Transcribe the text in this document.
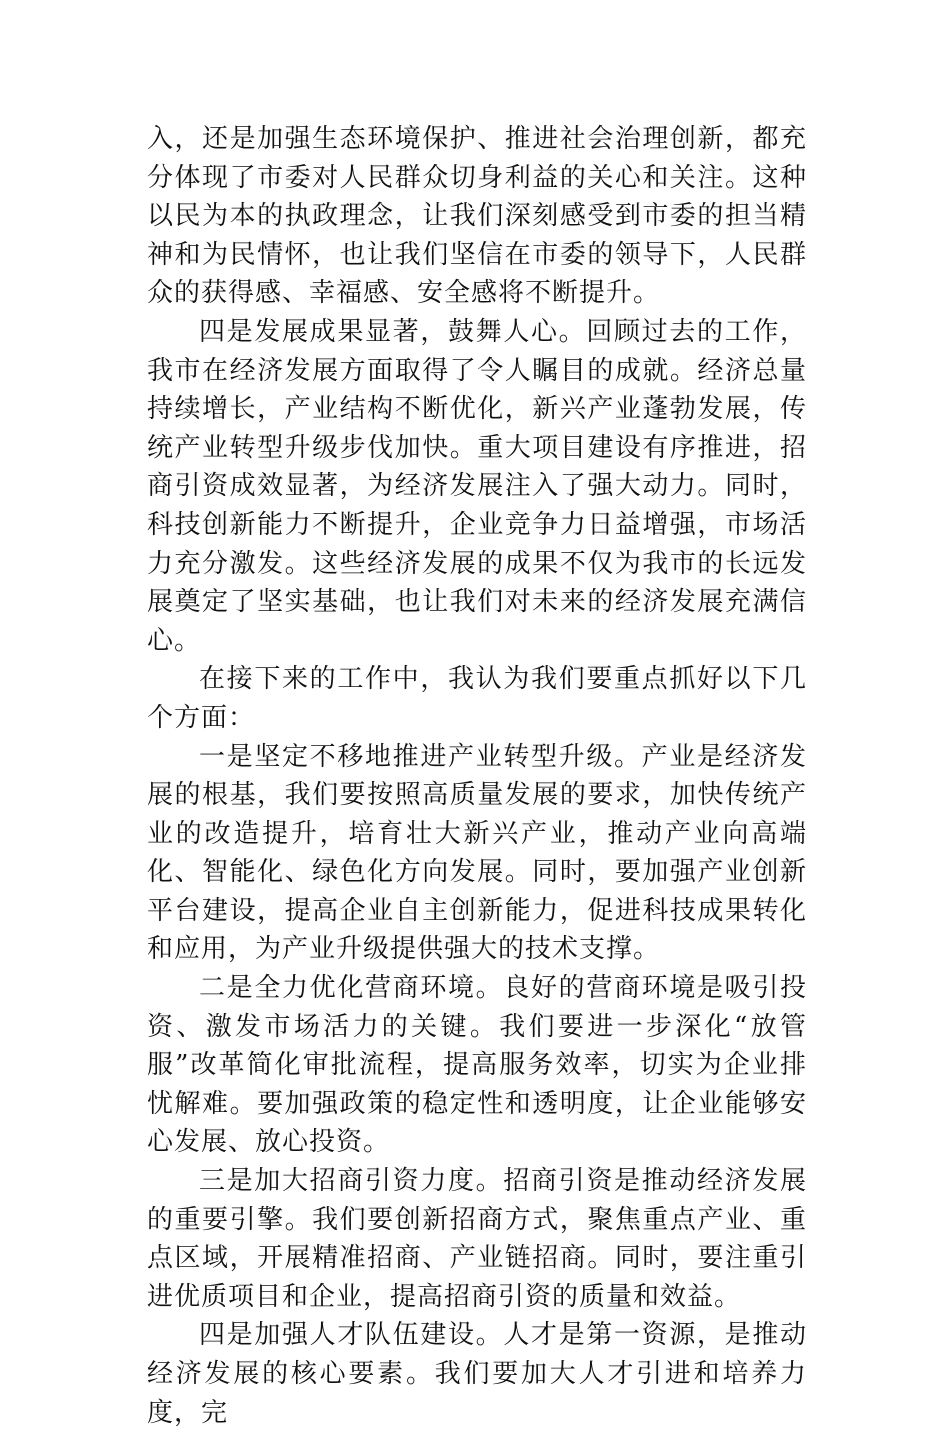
入，还是加强生态环境保护、推进社会治理创新，都充分体现了市委对人民群众切身利益的关心和关注。这种以民为本的执政理念，让我们深刻感受到市委的担当精神和为民情怀，也让我们坚信在市委的领导下，人民群众的获得感、幸福感、安全感将不断提升。

四是发展成果显著，鼓舞人心。回顾过去的工作，我市在经济发展方面取得了令人瞩目的成就。经济总量持续增长，产业结构不断优化，新兴产业蓬勃发展，传统产业转型升级步伐加快。重大项目建设有序推进，招商引资成效显著，为经济发展注入了强大动力。同时，科技创新能力不断提升，企业竞争力日益增强，市场活力充分激发。这些经济发展的成果不仅为我市的长远发展奠定了坚实基础，也让我们对未来的经济发展充满信心。

在接下来的工作中，我认为我们要重点抓好以下几个方面：

一是坚定不移地推进产业转型升级。产业是经济发展的根基，我们要按照高质量发展的要求，加快传统产业的改造提升，培育壮大新兴产业，推动产业向高端化、智能化、绿色化方向发展。同时，要加强产业创新平台建设，提高企业自主创新能力，促进科技成果转化和应用，为产业升级提供强大的技术支撑。

二是全力优化营商环境。良好的营商环境是吸引投资、激发市场活力的关键。我们要进一步深化“放管服”改革简化审批流程，提高服务效率，切实为企业排忧解难。要加强政策的稳定性和透明度，让企业能够安心发展、放心投资。

三是加大招商引资力度。招商引资是推动经济发展的重要引擎。我们要创新招商方式，聚焦重点产业、重点区域，开展精准招商、产业链招商。同时，要注重引进优质项目和企业，提高招商引资的质量和效益。

四是加强人才队伍建设。人才是第一资源，是推动经济发展的核心要素。我们要加大人才引进和培养力度，完
